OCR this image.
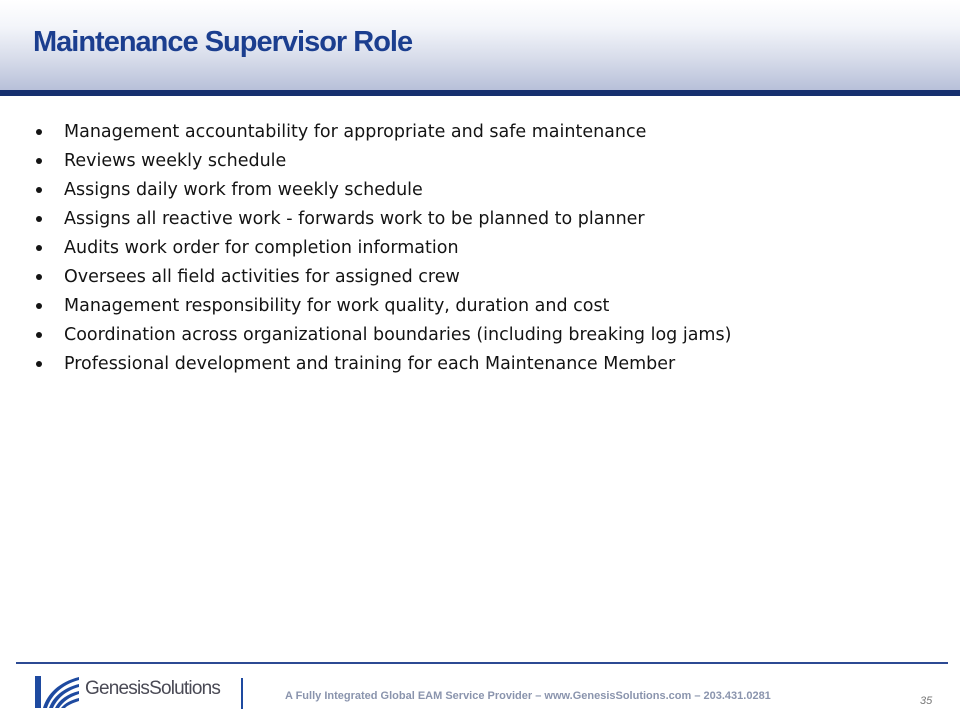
Maintenance Supervisor Role
Management accountability for appropriate and safe maintenance
Reviews weekly schedule
Assigns daily work from weekly schedule
Assigns all reactive work - forwards work to be planned to planner
Audits work order for completion information
Oversees all field activities for assigned crew
Management responsibility for work quality, duration and cost
Coordination across organizational boundaries (including breaking log jams)
Professional development and training for each Maintenance Member
GenesisSolutions	A Fully Integrated Global EAM Service Provider – www.GenesisSolutions.com – 203.431.0281	35
